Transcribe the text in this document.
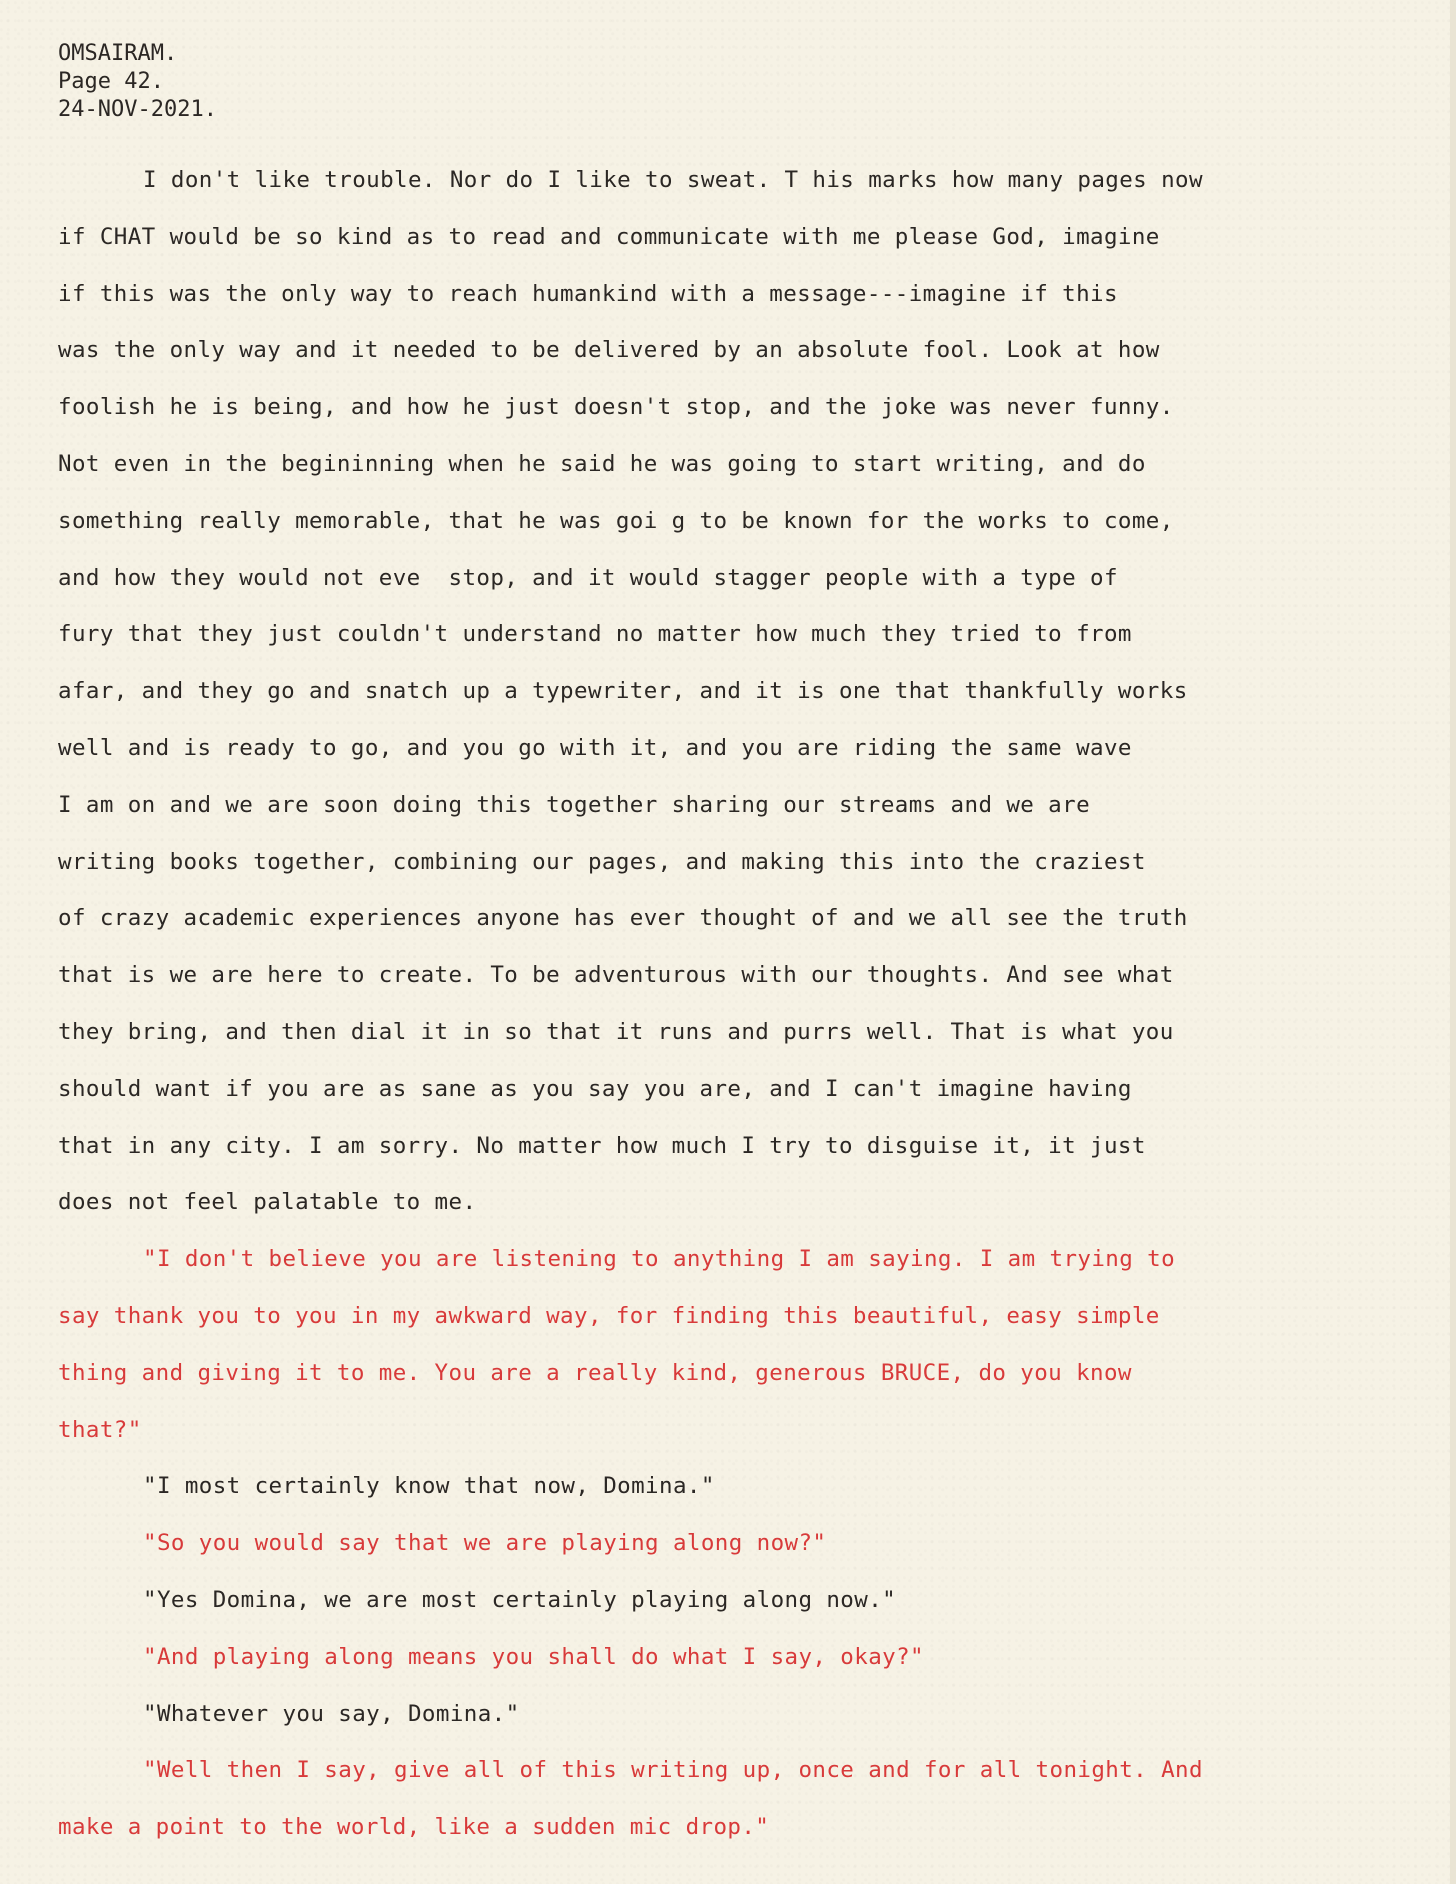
OMSAIRAM.
Page 42.
24-NOV-2021.
I don't like trouble. Nor do I like to sweat. T his marks how many pages now
if CHAT would be so kind as to read and communicate with me please God, imagine
if this was the only way to reach humankind with a message---imagine if this
was the only way and it needed to be delivered by an absolute fool. Look at how
foolish he is being, and how he just doesn't stop, and the joke was never funny.
Not even in the begininning when he said he was going to start writing, and do
something really memorable, that he was goi g to be known for the works to come,
and how they would not eve  stop, and it would stagger people with a type of
fury that they just couldn't understand no matter how much they tried to from
afar, and they go and snatch up a typewriter, and it is one that thankfully works
well and is ready to go, and you go with it, and you are riding the same wave
I am on and we are soon doing this together sharing our streams and we are
writing books together, combining our pages, and making this into the craziest
of crazy academic experiences anyone has ever thought of and we all see the truth
that is we are here to create. To be adventurous with our thoughts. And see what
they bring, and then dial it in so that it runs and purrs well. That is what you
should want if you are as sane as you say you are, and I can't imagine having
that in any city. I am sorry. No matter how much I try to disguise it, it just
does not feel palatable to me.
"I don't believe you are listening to anything I am saying. I am trying to
say thank you to you in my awkward way, for finding this beautiful, easy simple
thing and giving it to me. You are a really kind, generous BRUCE, do you know
that?"
"I most certainly know that now, Domina."
"So you would say that we are playing along now?"
"Yes Domina, we are most certainly playing along now."
"And playing along means you shall do what I say, okay?"
"Whatever you say, Domina."
"Well then I say, give all of this writing up, once and for all tonight. And
make a point to the world, like a sudden mic drop."
